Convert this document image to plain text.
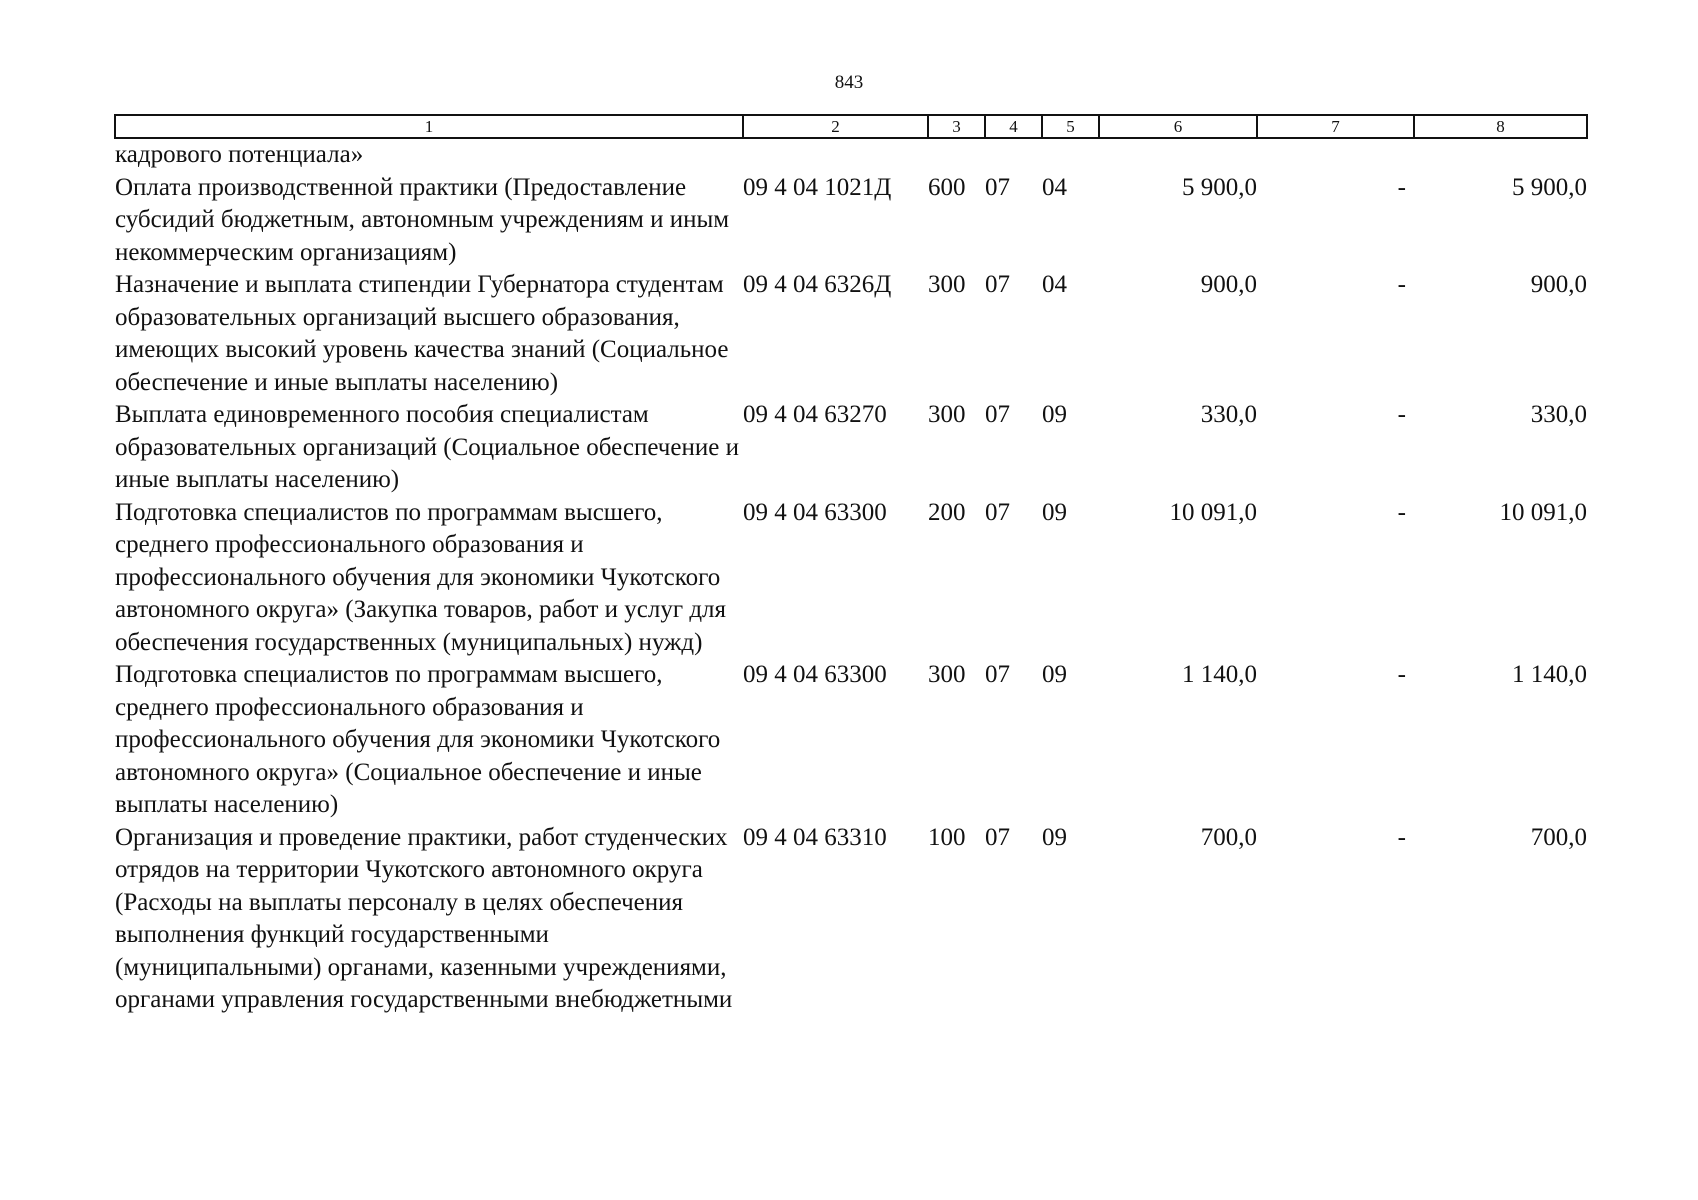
843
1	2	3	4	5	6	7	8
кадрового потенциала»							
Оплата производственной практики (Предоставление субсидий бюджетным, автономным учреждениям и иным некоммерческим организациям)	09 4 04 1021Д	600	07	04	5 900,0	-	5 900,0
Назначение и выплата стипендии Губернатора студентам образовательных организаций высшего образования, имеющих высокий уровень качества знаний (Социальное обеспечение и иные выплаты населению)	09 4 04 6326Д	300	07	04	900,0	-	900,0
Выплата единовременного пособия специалистам образовательных организаций (Социальное обеспечение и иные выплаты населению)	09 4 04 63270	300	07	09	330,0	-	330,0
Подготовка специалистов по программам высшего, среднего профессионального образования и профессионального обучения для экономики Чукотского автономного округа» (Закупка товаров, работ и услуг для обеспечения государственных (муниципальных) нужд)	09 4 04 63300	200	07	09	10 091,0	-	10 091,0
Подготовка специалистов по программам высшего, среднего профессионального образования и профессионального обучения для экономики Чукотского автономного округа» (Социальное обеспечение и иные выплаты населению)	09 4 04 63300	300	07	09	1 140,0	-	1 140,0
Организация и проведение практики, работ студенческих отрядов на территории Чукотского автономного округа (Расходы на выплаты персоналу в целях обеспечения выполнения функций государственными (муниципальными) органами, казенными учреждениями, органами управления государственными внебюджетными	09 4 04 63310	100	07	09	700,0	-	700,0
